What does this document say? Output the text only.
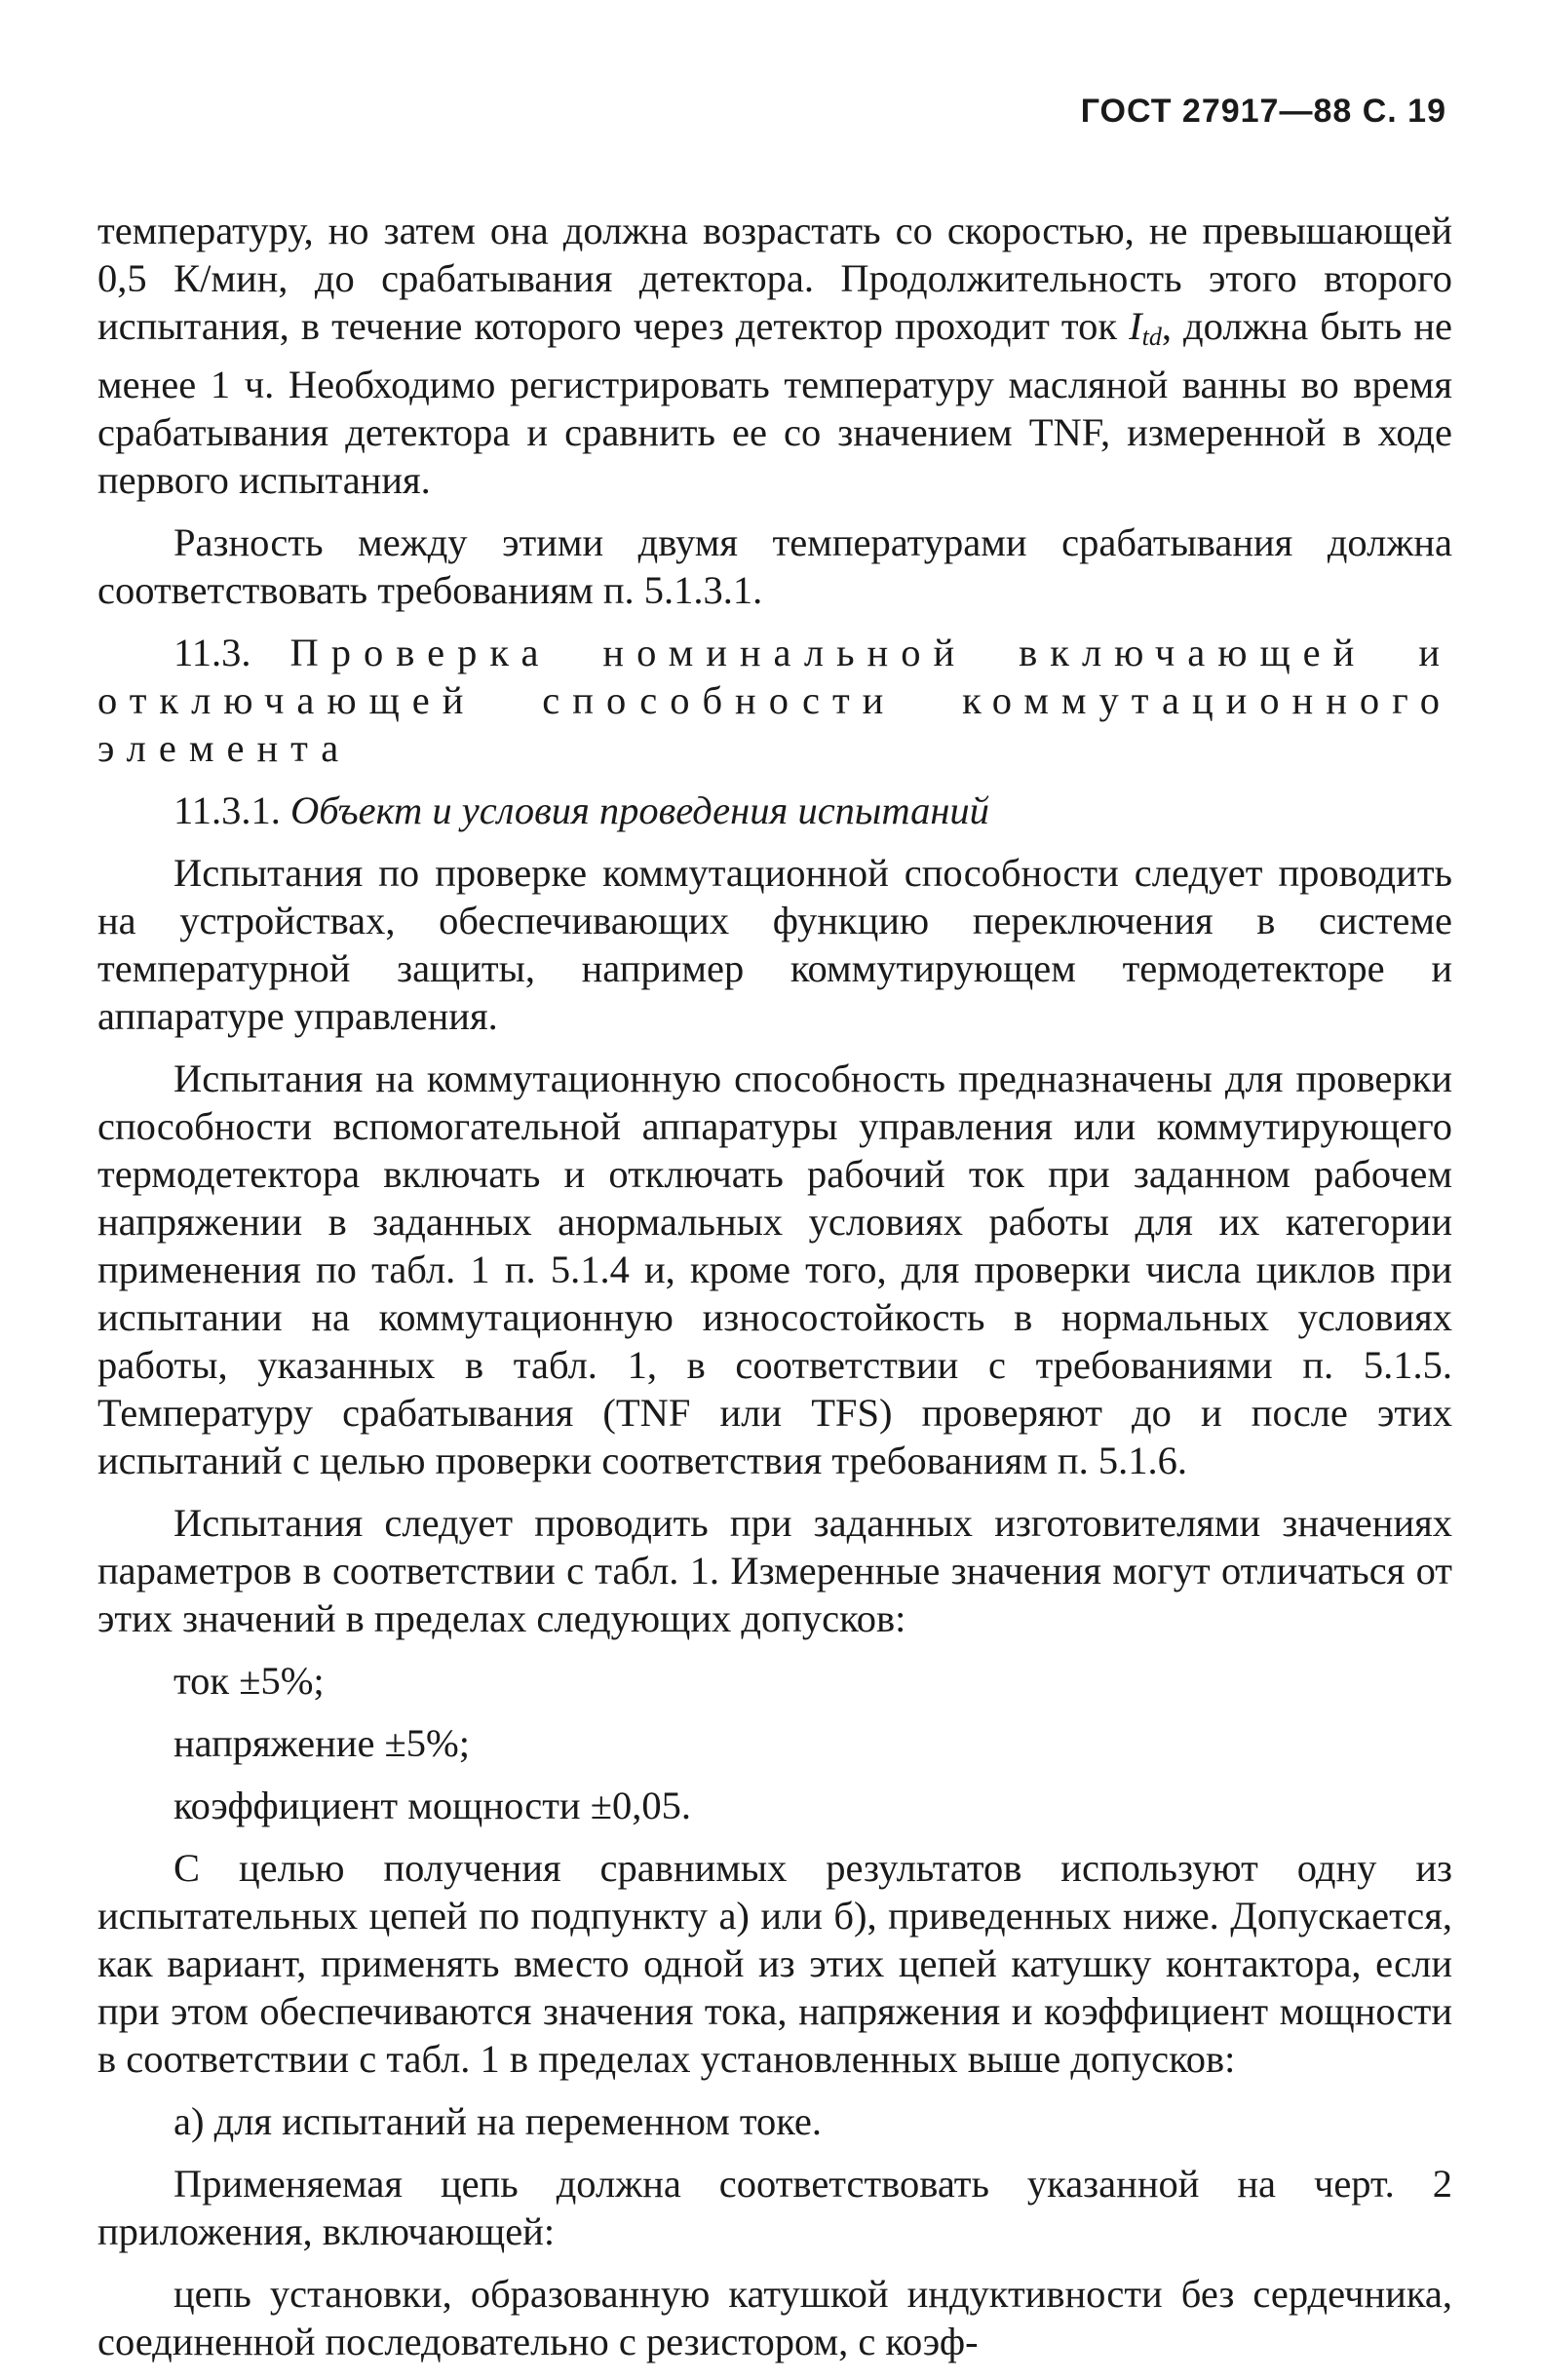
ГОСТ 27917—88 С. 19

температуру, но затем она должна возрастать со скоростью, не превышающей 0,5 К/мин, до срабатывания детектора. Продолжительность этого второго испытания, в течение которого через детектор проходит ток $I_{td}$, должна быть не менее 1 ч. Необходимо регистрировать температуру масляной ванны во время срабатывания детектора и сравнить ее со значением TNF, измеренной в ходе первого испытания.

Разность между этими двумя температурами срабатывания должна соответствовать требованиям п. 5.1.3.1.

11.3. Проверка номинальной включающей и отключающей способности коммутационного элемента

11.3.1. Объект и условия проведения испытаний

Испытания по проверке коммутационной способности следует проводить на устройствах, обеспечивающих функцию переключения в системе температурной защиты, например коммутирующем термодетекторе и аппаратуре управления.

Испытания на коммутационную способность предназначены для проверки способности вспомогательной аппаратуры управления или коммутирующего термодетектора включать и отключать рабочий ток при заданном рабочем напряжении в заданных анормальных условиях работы для их категории применения по табл. 1 п. 5.1.4 и, кроме того, для проверки числа циклов при испытании на коммутационную износостойкость в нормальных условиях работы, указанных в табл. 1, в соответствии с требованиями п. 5.1.5. Температуру срабатывания (TNF или TFS) проверяют до и после этих испытаний с целью проверки соответствия требованиям п. 5.1.6.

Испытания следует проводить при заданных изготовителями значениях параметров в соответствии с табл. 1. Измеренные значения могут отличаться от этих значений в пределах следующих допусков:

ток ±5%;
напряжение ±5%;
коэффициент мощности ±0,05.

С целью получения сравнимых результатов используют одну из испытательных цепей по подпункту а) или б), приведенных ниже. Допускается, как вариант, применять вместо одной из этих цепей катушку контактора, если при этом обеспечиваются значения тока, напряжения и коэффициент мощности в соответствии с табл. 1 в пределах установленных выше допусков:

а) для испытаний на переменном токе.

Применяемая цепь должна соответствовать указанной на черт. 2 приложения, включающей:

цепь установки, образованную катушкой индуктивности без сердечника, соединенной последовательно с резистором, с коэф-
